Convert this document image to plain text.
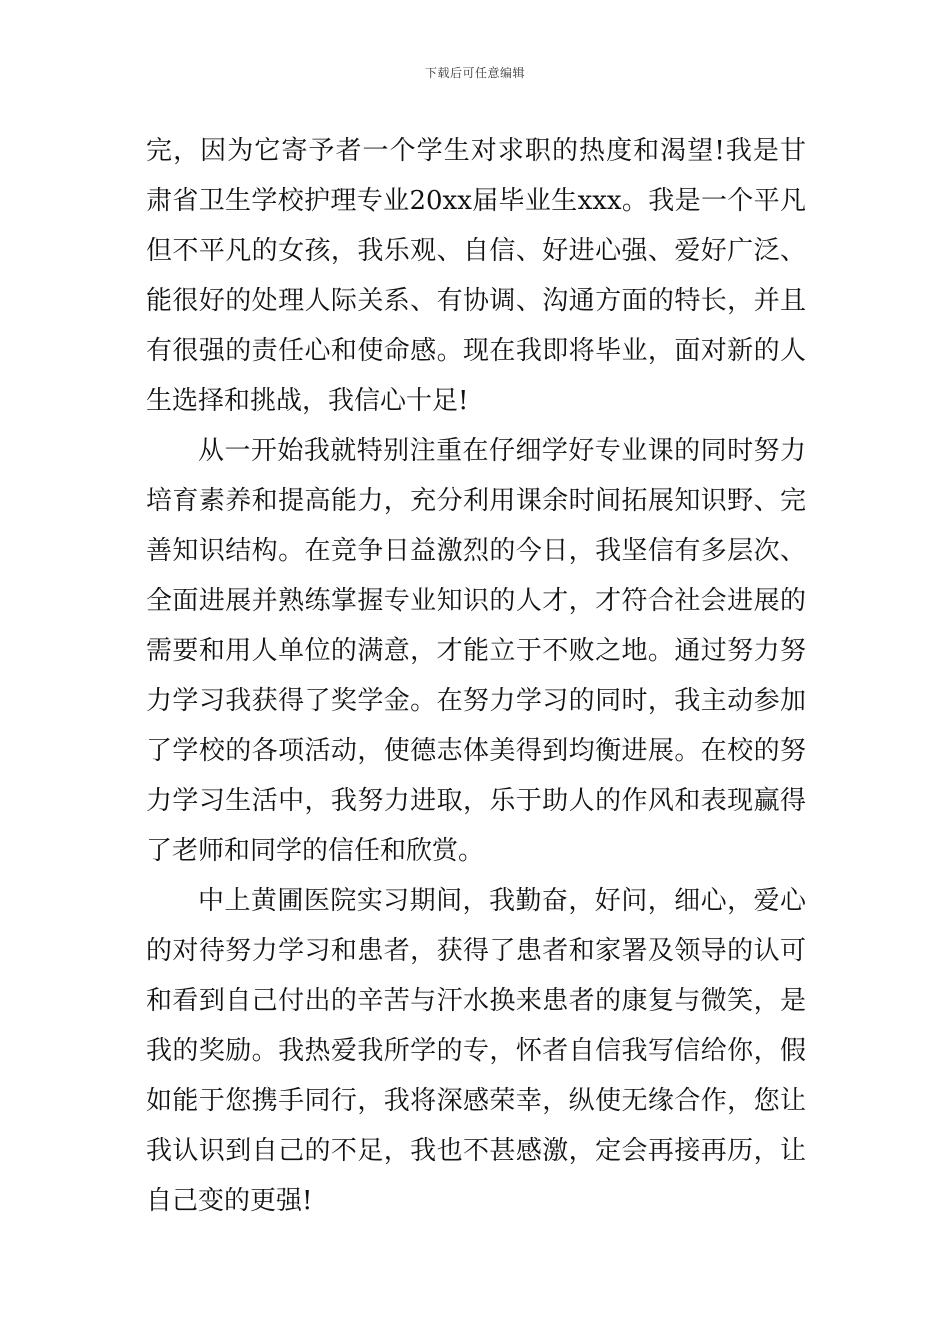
下载后可任意编辑

完，因为它寄予者一个学生对求职的热度和渴望!我是甘肃省卫生学校护理专业20xx届毕业生xxx。我是一个平凡但不平凡的女孩，我乐观、自信、好进心强、爱好广泛、能很好的处理人际关系、有协调、沟通方面的特长，并且有很强的责任心和使命感。现在我即将毕业，面对新的人生选择和挑战，我信心十足!

从一开始我就特别注重在仔细学好专业课的同时努力培育素养和提高能力，充分利用课余时间拓展知识野、完善知识结构。在竞争日益激烈的今日，我坚信有多层次、全面进展并熟练掌握专业知识的人才，才符合社会进展的需要和用人单位的满意，才能立于不败之地。通过努力努力学习我获得了奖学金。在努力学习的同时，我主动参加了学校的各项活动，使德志体美得到均衡进展。在校的努力学习生活中，我努力进取，乐于助人的作风和表现赢得了老师和同学的信任和欣赏。

中上黄圃医院实习期间，我勤奋，好问，细心，爱心的对待努力学习和患者，获得了患者和家署及领导的认可和看到自己付出的辛苦与汗水换来患者的康复与微笑，是我的奖励。我热爱我所学的专，怀者自信我写信给你，假如能于您携手同行，我将深感荣幸，纵使无缘合作，您让我认识到自己的不足，我也不甚感激，定会再接再历，让自己变的更强!
